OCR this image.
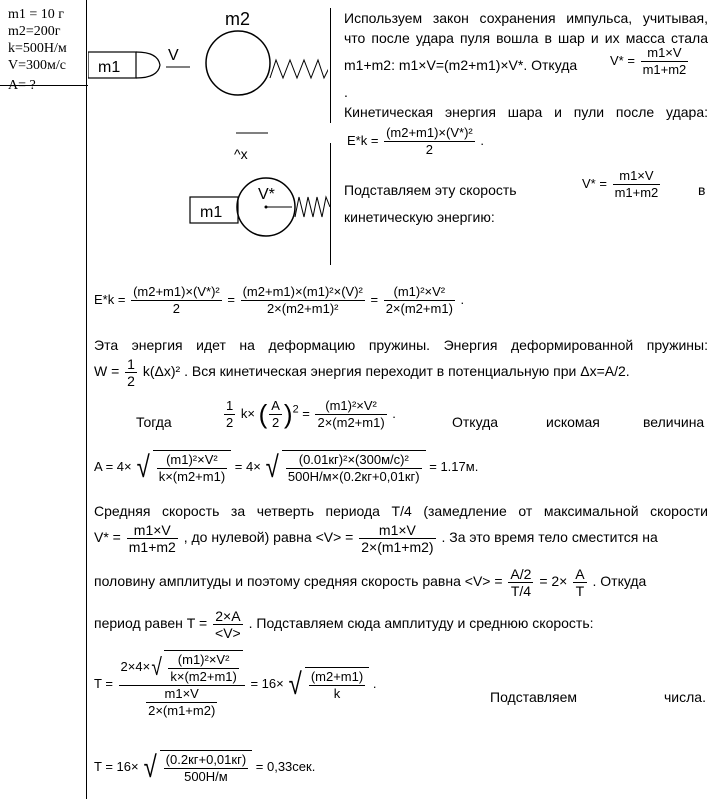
m1 = 10 г
m2=200г
k=500Н/м
V=300м/с
A= ?
m1
V
m2
^x
m1
V*
Используем закон сохранения импульса, учитывая,
что после удара пуля вошла в шар и их масса стала
m1+m2: m1×V=(m2+m1)×V*. Откуда	$V* = \frac{m1\times V}{m1+m2}$
.
Кинетическая энергия шара и пули после удара:
$E*k = \frac{\text{(m2+m1)×(V*)²}}{2}$ .
Подставляем эту скорость	$V* = \frac{m1\times V}{m1+m2}$	в
кинетическую энергию:
$E*k = \frac{\text{(m2+m1)×(V*)²}}{2} = \frac{\text{(m2+m1)×(m1)²×(V)²}}{\text{2×(m2+m1)²}} = \frac{\text{(m1)²×V²}}{2\times(m2+m1)}$ .
Эта энергия идет на деформацию пружины. Энергия деформированной пружины:
$W = \frac{1}{2} k(\Delta x)^2$ . Вся кинетическая энергия переходит в потенциальную при Δx=A/2.
Тогда	$\frac{1}{2} k\times$ ( $\frac{A}{2} )^2 = \frac{\text{(m1)²×V²}}{2\times(m2+m1)}$ .
Откуда	искомая	величина
A = 4× √ $\frac{\text{(m1)²×V²}}{k\times(m2+m1)} = 4\times$ √ $\frac{\text{(0.01кг)²×(300м/с)²}}{500Н/м\times(0.2кг+0,01кг)} = 1.17м$.
Средняя скорость за четверть периода T/4 (замедление от максимальной скорости
$V* = \frac{m1\times V}{m1+m2}$ , до нулевой) равна $<V> = \frac{m1\times V}{2\times(m1+m2)}$ . За это время тело сместится на
половину амплитуды и поэтому средняя скорость равна $<V> = \frac{A/2}{T/4} = 2\times \frac{A}{T}$ . Откуда
период равен $T = \frac{2\times A}{<V>}$ . Подставляем сюда амплитуду и среднюю скорость:
$T = \frac{2\times 4\times√ \frac{\text{(m1)²×V²}}{k\times(m2+m1)}}{\frac{m1\times V}{2\times(m1+m2)}} = 16\times$ √ $\frac{(m2+m1)}{k}$ .
Подставляем	числа.
T = 16× √ $\frac{(0.2кг+0,01кг)}{500Н/м} = 0,33сек$.
